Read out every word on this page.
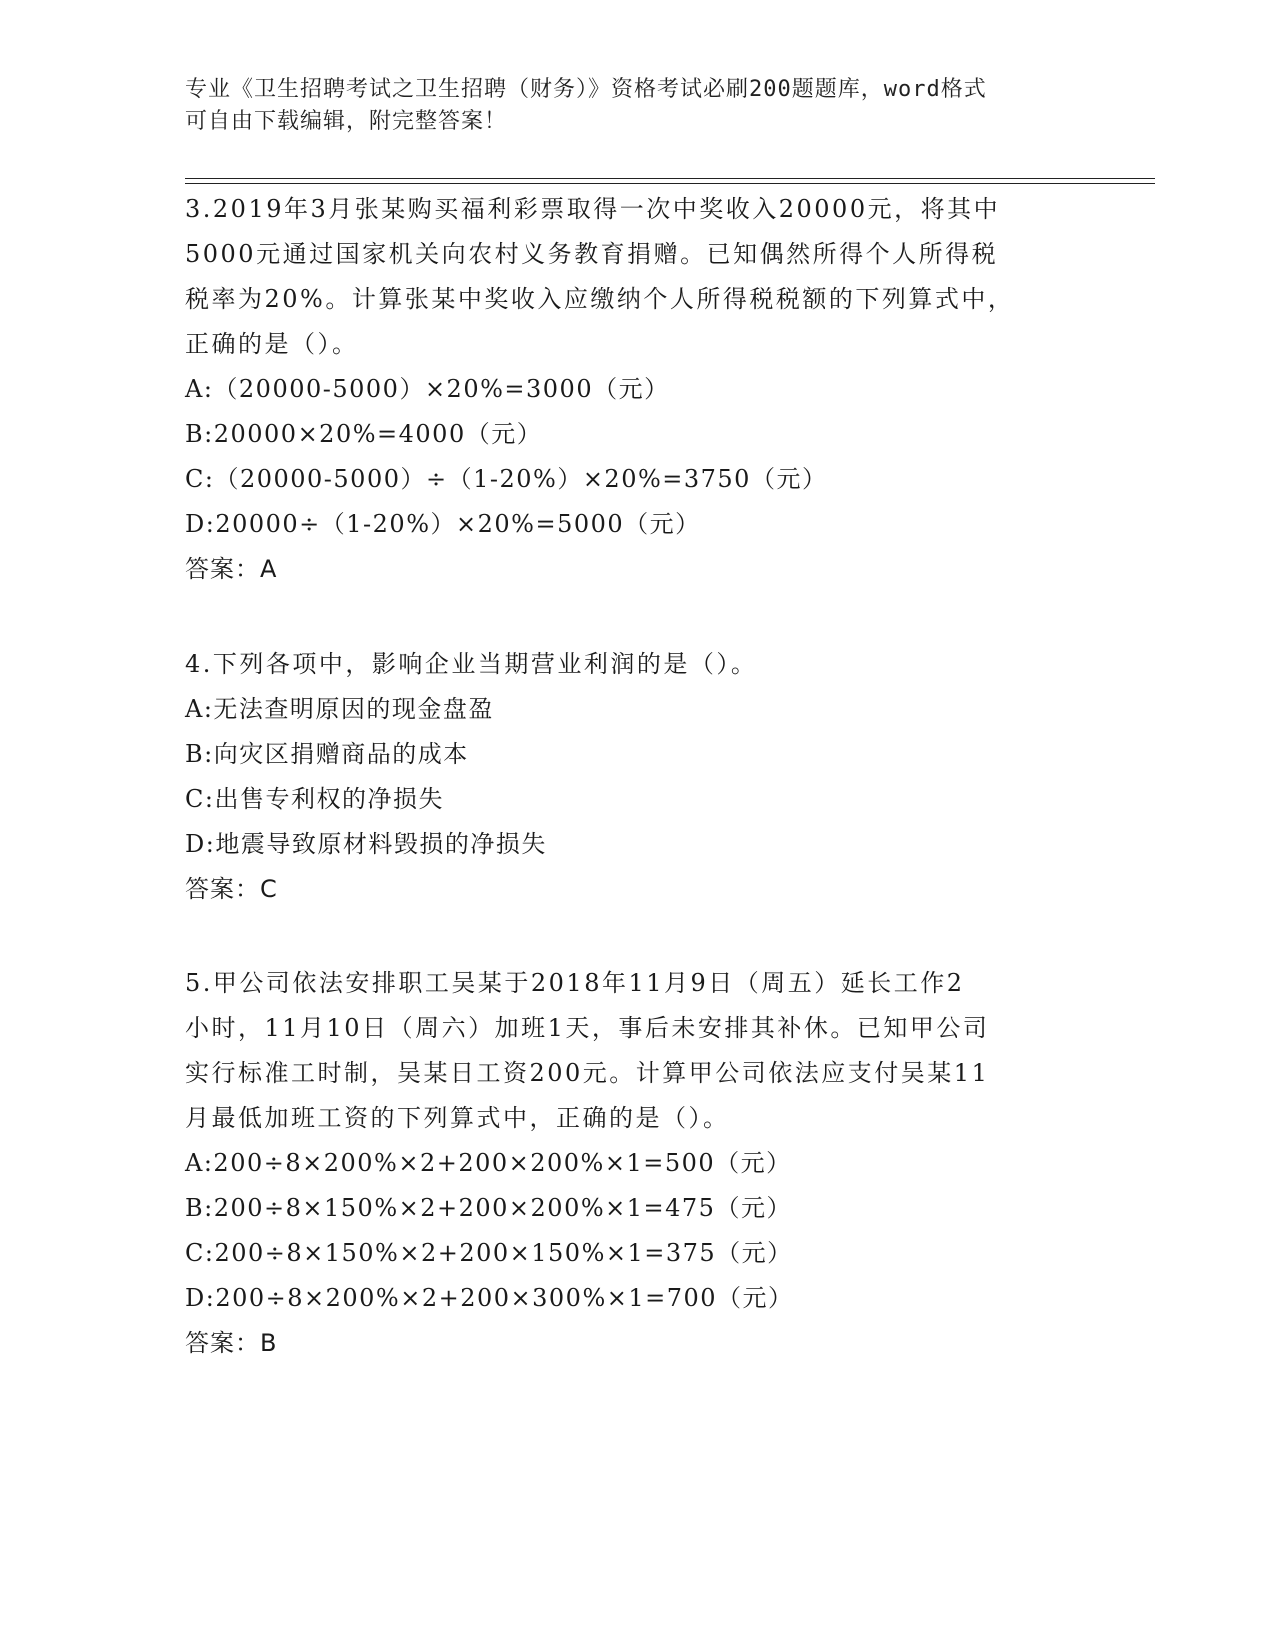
专业《卫生招聘考试之卫生招聘（财务）》资格考试必刷200题题库，word格式
可自由下载编辑，附完整答案！

3.2019年3月张某购买福利彩票取得一次中奖收入20000元，将其中

5000元通过国家机关向农村义务教育捐赠。已知偶然所得个人所得税

税率为20%。计算张某中奖收入应缴纳个人所得税税额的下列算式中，

正确的是（）。

A:（20000-5000）×20%=3000（元）

B:20000×20%=4000（元）

C:（20000-5000）÷（1-20%）×20%=3750（元）

D:20000÷（1-20%）×20%=5000（元）

答案：A

4.下列各项中，影响企业当期营业利润的是（）。

A:无法查明原因的现金盘盈

B:向灾区捐赠商品的成本

C:出售专利权的净损失

D:地震导致原材料毁损的净损失

答案：C

5.甲公司依法安排职工吴某于2018年11月9日（周五）延长工作2

小时，11月10日（周六）加班1天，事后未安排其补休。已知甲公司

实行标准工时制，吴某日工资200元。计算甲公司依法应支付吴某11

月最低加班工资的下列算式中，正确的是（）。

A:200÷8×200%×2+200×200%×1=500（元）

B:200÷8×150%×2+200×200%×1=475（元）

C:200÷8×150%×2+200×150%×1=375（元）

D:200÷8×200%×2+200×300%×1=700（元）

答案：B
